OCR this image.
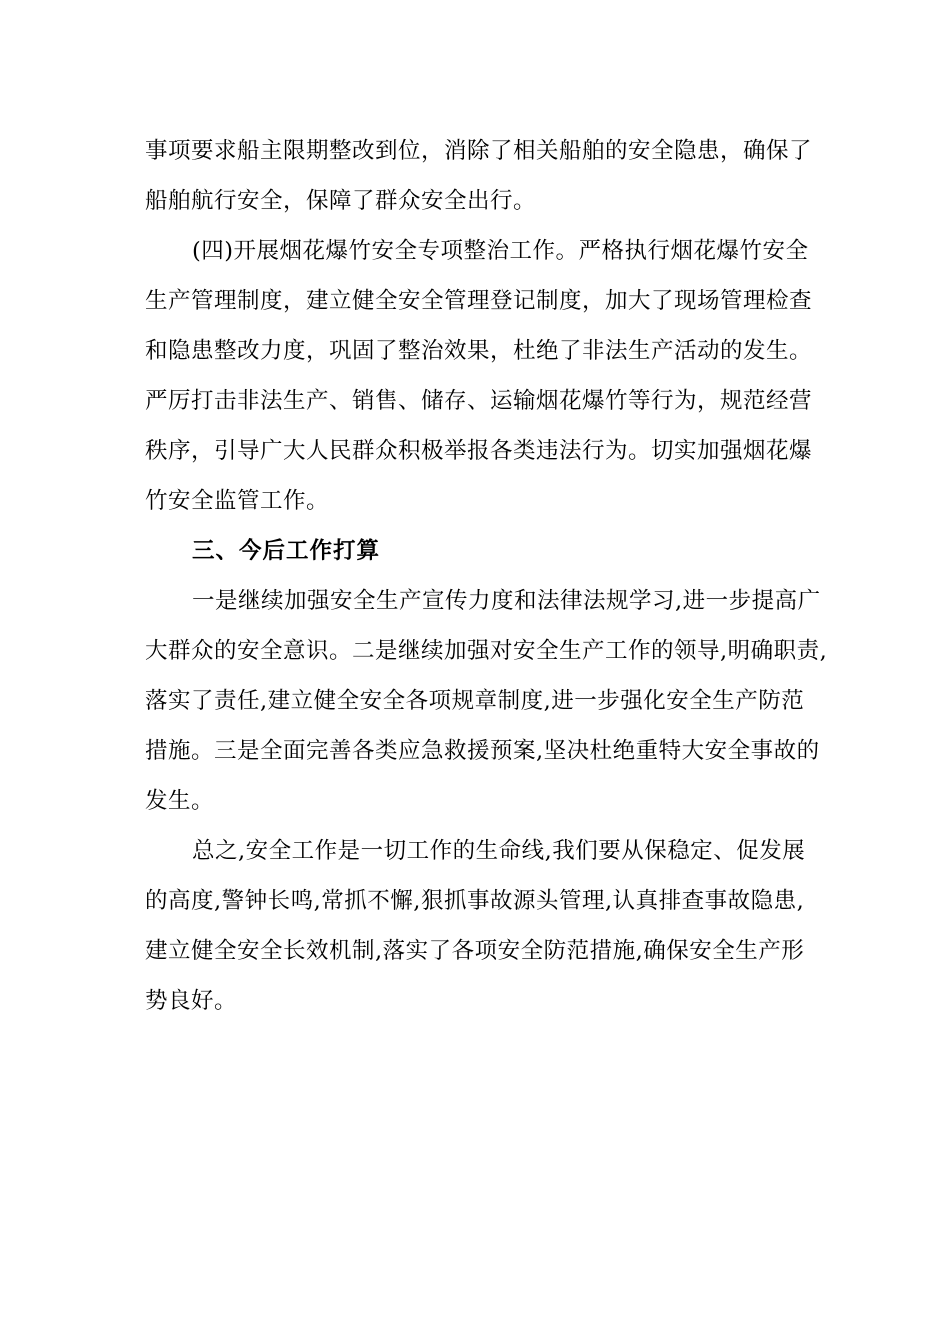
事项要求船主限期整改到位，消除了相关船舶的安全隐患，确保了
船舶航行安全，保障了群众安全出行。
(四)开展烟花爆竹安全专项整治工作。严格执行烟花爆竹安全
生产管理制度，建立健全安全管理登记制度，加大了现场管理检查
和隐患整改力度，巩固了整治效果，杜绝了非法生产活动的发生。
严厉打击非法生产、销售、储存、运输烟花爆竹等行为，规范经营
秩序，引导广大人民群众积极举报各类违法行为。切实加强烟花爆
竹安全监管工作。
三、今后工作打算
一是继续加强安全生产宣传力度和法律法规学习,进一步提高广
大群众的安全意识。二是继续加强对安全生产工作的领导,明确职责,
落实了责任,建立健全安全各项规章制度,进一步强化安全生产防范
措施。三是全面完善各类应急救援预案,坚决杜绝重特大安全事故的
发生。
总之,安全工作是一切工作的生命线,我们要从保稳定、促发展
的高度,警钟长鸣,常抓不懈,狠抓事故源头管理,认真排查事故隐患,
建立健全安全长效机制,落实了各项安全防范措施,确保安全生产形
势良好。
